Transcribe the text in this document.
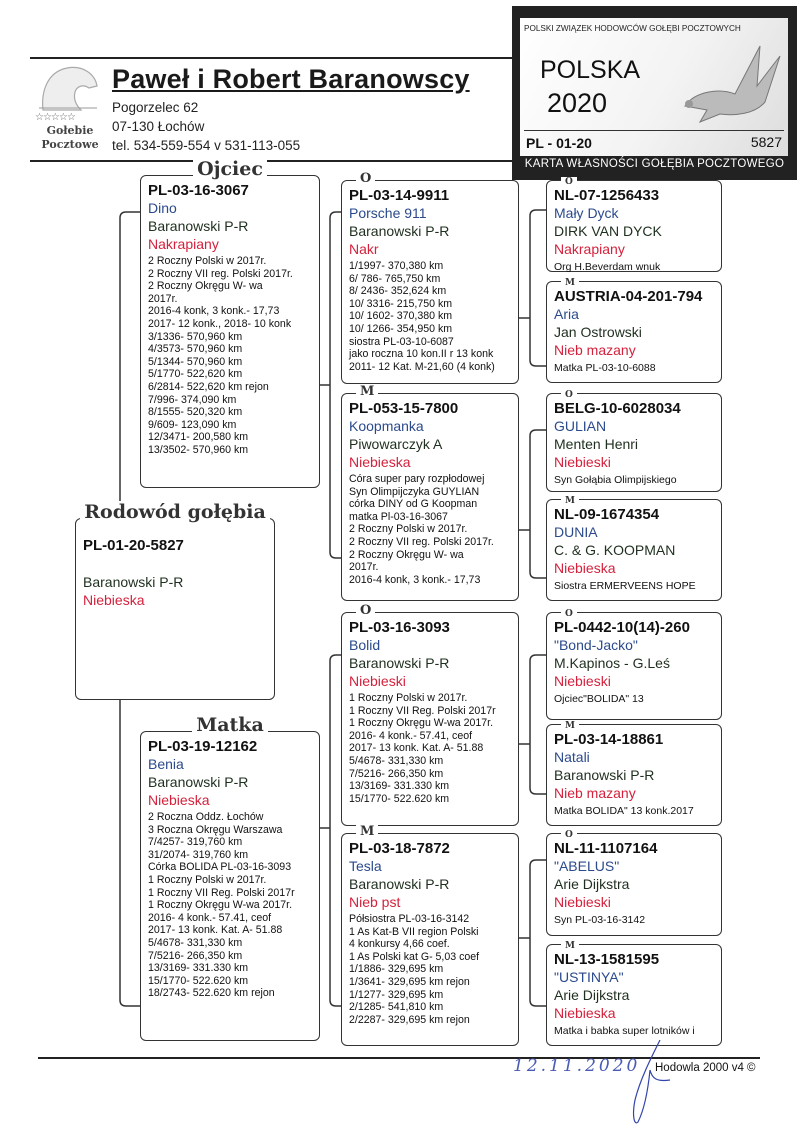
☆☆☆☆☆
Gołebie
Pocztowe
Paweł i Robert Baranowscy
Pogorzelec 62
07-130 Łochów
tel. 534-559-554 v 531-113-055
POLSKI ZWIĄZEK HODOWCÓW GOŁĘBI POCZTOWYCH
POLSKA
2020
PL - 01-20	5827
KARTA WŁASNOŚCI GOŁĘBIA POCZTOWEGO
Rodowód gołębia
PL-01-20-5827
Baranowski P-R
Niebieska
Ojciec
PL-03-16-3067
Dino
Baranowski P-R
Nakrapiany
2 Roczny Polski w 2017r.
2 Roczny VII reg. Polski 2017r.
2 Roczny Okręgu W- wa
2017r.
2016-4 konk, 3 konk.- 17,73
2017- 12 konk., 2018- 10 konk
3/1336- 570,960 km
4/3573- 570,960 km
5/1344- 570,960 km
5/1770- 522,620 km
6/2814- 522,620 km rejon
7/996- 374,090 km
8/1555- 520,320 km
9/609- 123,090 km
12/3471- 200,580 km
13/3502- 570,960 km
Matka
PL-03-19-12162
Benia
Baranowski P-R
Niebieska
2 Roczna Oddz. Łochów
3 Roczna Okręgu Warszawa
7/4257- 319,760 km
31/2074- 319,760 km
Córka BOLIDA PL-03-16-3093
1 Roczny Polski w 2017r.
1 Roczny VII Reg. Polski 2017r
1 Roczny Okręgu W-wa 2017r.
2016- 4 konk.- 57.41, ceof
2017- 13 konk. Kat. A- 51.88
5/4678- 331,330 km
7/5216- 266,350 km
13/3169- 331.330 km
15/1770- 522.620 km
18/2743- 522.620 km rejon
O
PL-03-14-9911
Porsche 911
Baranowski P-R
Nakr
1/1997- 370,380 km
6/ 786- 765,750 km
8/ 2436- 352,624 km
10/ 3316- 215,750 km
10/ 1602- 370,380 km
10/ 1266- 354,950 km
siostra PL-03-10-6087
jako roczna 10 kon.II r 13 konk
2011- 12 Kat. M-21,60 (4 konk)
M
PL-053-15-7800
Koopmanka
Piwowarczyk A
Niebieska
Córa super pary rozpłodowej
Syn Olimpijczyka GUYLIAN
córka DINY od G Koopman
matka Pl-03-16-3067
2 Roczny Polski w 2017r.
2 Roczny VII reg. Polski 2017r.
2 Roczny Okręgu W- wa
2017r.
2016-4 konk, 3 konk.- 17,73
O
PL-03-16-3093
Bolid
Baranowski P-R
Niebieski
1 Roczny Polski w 2017r.
1 Roczny VII Reg. Polski 2017r
1 Roczny Okręgu W-wa 2017r.
2016- 4 konk.- 57.41, ceof
2017- 13 konk. Kat. A- 51.88
5/4678- 331,330 km
7/5216- 266,350 km
13/3169- 331.330 km
15/1770- 522.620 km
M
PL-03-18-7872
Tesla
Baranowski P-R
Nieb pst
Półsiostra PL-03-16-3142
1 As Kat-B VII region Polski
4 konkursy 4,66 coef.
1 As Polski kat G- 5,03 coef
1/1886- 329,695 km
1/3641- 329,695 km rejon
1/1277- 329,695 km
2/1285- 541,810 km
2/2287- 329,695 km rejon
O
NL-07-1256433
Mały Dyck
DIRK VAN DYCK
Nakrapiany
Org H.Beverdam wnuk
M
AUSTRIA-04-201-794
Aria
Jan Ostrowski
Nieb mazany
Matka PL-03-10-6088
O
BELG-10-6028034
GULIAN
Menten Henri
Niebieski
Syn Gołąbia Olimpijskiego
M
NL-09-1674354
DUNIA
C. & G. KOOPMAN
Niebieska
Siostra ERMERVEENS HOPE
O
PL-0442-10(14)-260
"Bond-Jacko"
M.Kapinos - G.Leś
Niebieski
Ojciec"BOLIDA" 13
M
PL-03-14-18861
Natali
Baranowski P-R
Nieb mazany
Matka BOLIDA" 13 konk.2017
O
NL-11-1107164
"ABELUS"
Arie Dijkstra
Niebieski
Syn PL-03-16-3142
M
NL-13-1581595
"USTINYA"
Arie Dijkstra
Niebieska
Matka i babka super lotników i
12.11.2020 Hodowla 2000 v4 ©
